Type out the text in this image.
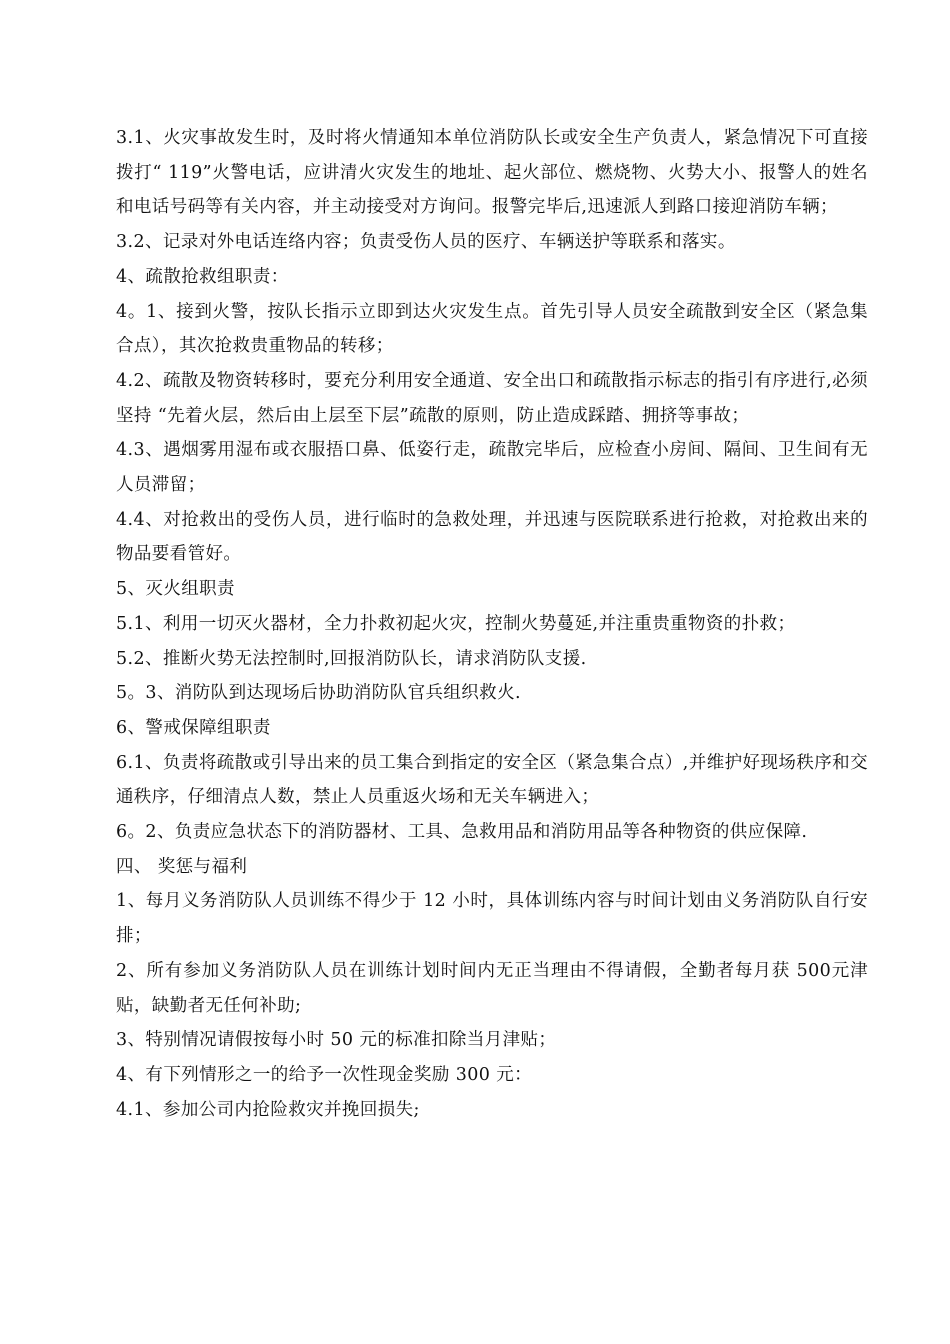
3.1、火灾事故发生时，及时将火情通知本单位消防队长或安全生产负责人，紧急情况下可直接拨打“ 119”火警电话，应讲清火灾发生的地址、起火部位、燃烧物、火势大小、报警人的姓名和电话号码等有关内容，并主动接受对方询问。报警完毕后,迅速派人到路口接迎消防车辆；

3.2、记录对外电话连络内容；负责受伤人员的医疗、车辆送护等联系和落实。

4、疏散抢救组职责：

4。1、接到火警，按队长指示立即到达火灾发生点。首先引导人员安全疏散到安全区（紧急集合点），其次抢救贵重物品的转移；

4.2、疏散及物资转移时，要充分利用安全通道、安全出口和疏散指示标志的指引有序进行,必须坚持 “先着火层，然后由上层至下层”疏散的原则，防止造成踩踏、拥挤等事故；

4.3、遇烟雾用湿布或衣服捂口鼻、低姿行走，疏散完毕后，应检查小房间、隔间、卫生间有无人员滞留；

4.4、对抢救出的受伤人员，进行临时的急救处理，并迅速与医院联系进行抢救，对抢救出来的物品要看管好。

5、灭火组职责

5.1、利用一切灭火器材，全力扑救初起火灾，控制火势蔓延,并注重贵重物资的扑救；

5.2、推断火势无法控制时,回报消防队长，请求消防队支援.

5。3、消防队到达现场后协助消防队官兵组织救火.

6、警戒保障组职责

6.1、负责将疏散或引导出来的员工集合到指定的安全区（紧急集合点）,并维护好现场秩序和交通秩序，仔细清点人数，禁止人员重返火场和无关车辆进入；

6。2、负责应急状态下的消防器材、工具、急救用品和消防用品等各种物资的供应保障.

四、 奖惩与福利

1、每月义务消防队人员训练不得少于 12 小时，具体训练内容与时间计划由义务消防队自行安排；

2、所有参加义务消防队人员在训练计划时间内无正当理由不得请假，全勤者每月获 500元津贴，缺勤者无任何补助;

3、特别情况请假按每小时 50 元的标准扣除当月津贴；

4、有下列情形之一的给予一次性现金奖励 300 元：

4.1、参加公司内抢险救灾并挽回损失;
